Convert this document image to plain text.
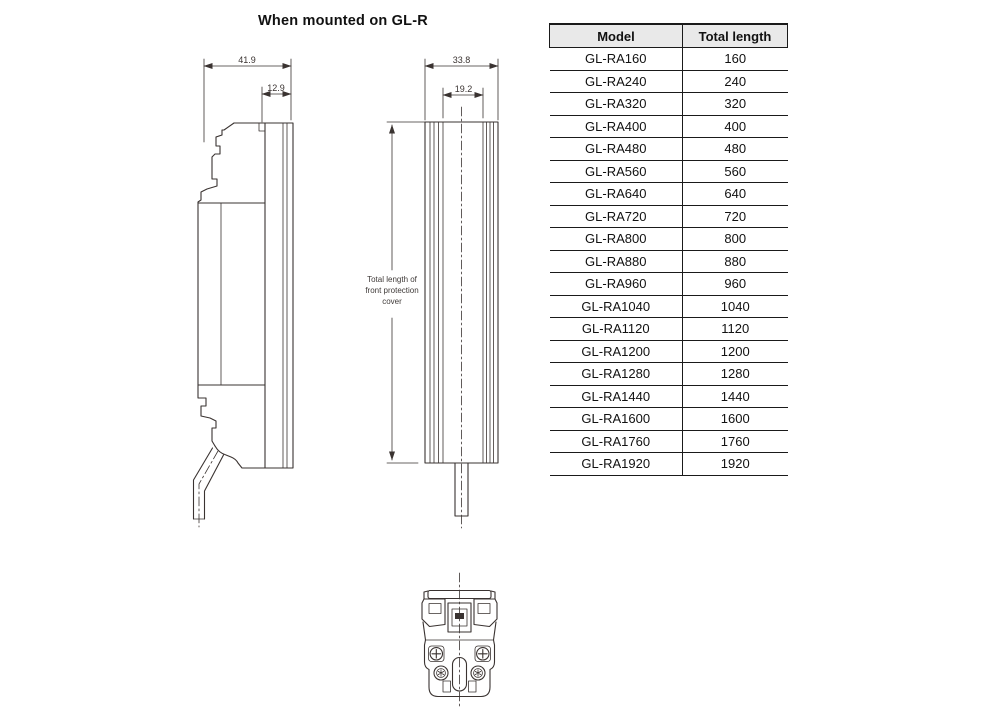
When mounted on GL-R
41.9
12.9
33.8
19.2
Total length of
front protection
cover
Model	Total length
GL-RA160	160
GL-RA240	240
GL-RA320	320
GL-RA400	400
GL-RA480	480
GL-RA560	560
GL-RA640	640
GL-RA720	720
GL-RA800	800
GL-RA880	880
GL-RA960	960
GL-RA1040	1040
GL-RA1120	1120
GL-RA1200	1200
GL-RA1280	1280
GL-RA1440	1440
GL-RA1600	1600
GL-RA1760	1760
GL-RA1920	1920
